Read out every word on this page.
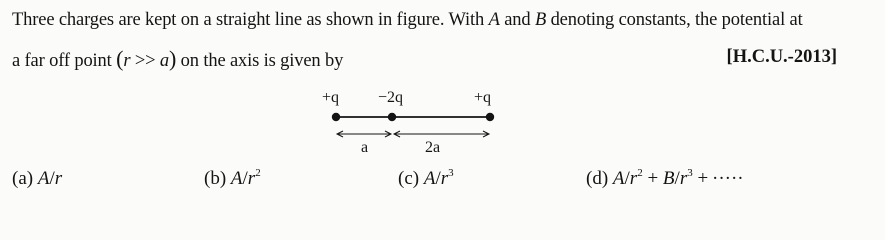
Three charges are kept on a straight line as shown in figure. With A and B denoting constants, the potential at
a far off point (r >> a) on the axis is given by	[H.C.U.-2013]
+q −2q	+q
a	2a
(a) A/r	(b) $A/r^2$	(c) $A/r^3$	(d) $A/r^2 + B/r^3$ + ·····
